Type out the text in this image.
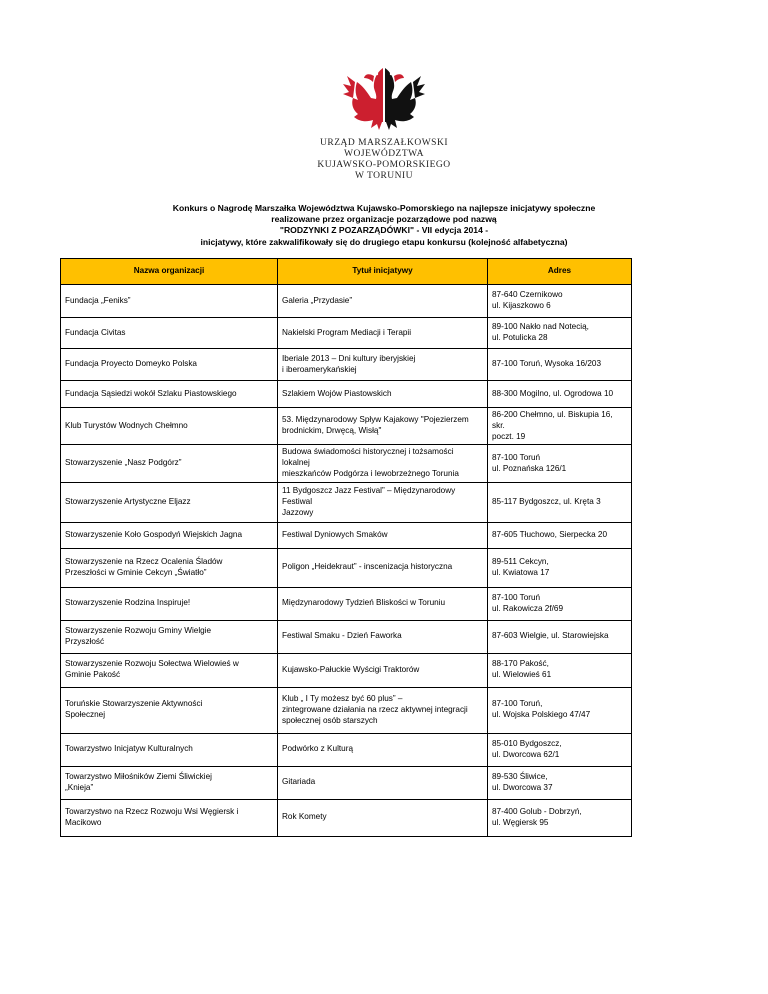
URZĄD MARSZAŁKOWSKI
WOJEWÓDZTWA
KUJAWSKO-POMORSKIEGO
W TORUNIU
Konkurs o Nagrodę Marszałka Województwa Kujawsko-Pomorskiego na najlepsze inicjatywy społeczne
realizowane przez organizacje pozarządowe pod nazwą
"RODZYNKI Z POZARZĄDÓWKI" - VII edycja 2014 -
inicjatywy, które zakwalifikowały się do drugiego etapu konkursu (kolejność alfabetyczna)
Nazwa organizacji	Tytuł inicjatywy	Adres

Fundacja „Feniks”	Galeria „Przydasie”	87-640 Czernikowo
ul. Kijaszkowo 6

Fundacja Civitas	Nakielski Program Mediacji i Terapii	89-100 Nakło nad Notecią,
ul. Potulicka 28

Fundacja Proyecto Domeyko Polska	Iberiale 2013 – Dni kultury iberyjskiej
i iberoamerykańskiej	87-100 Toruń, Wysoka 16/203

Fundacja Sąsiedzi wokół Szlaku Piastowskiego	Szlakiem Wojów Piastowskich	88-300 Mogilno, ul. Ogrodowa 10

Klub Turystów Wodnych Chełmno	53. Międzynarodowy Spływ Kajakowy "Pojezierzem
brodnickim, Drwęcą, Wisłą"	86-200 Chełmno, ul. Biskupia 16, skr.
poczt. 19

Stowarzyszenie „Nasz Podgórz”	Budowa świadomości historycznej i tożsamości lokalnej
mieszkańców Podgórza i lewobrzeżnego Torunia	87-100 Toruń
ul. Poznańska 126/1

Stowarzyszenie Artystyczne Eljazz	11 Bydgoszcz Jazz Festival” – Międzynarodowy Festiwal
Jazzowy	85-117 Bydgoszcz, ul. Kręta 3

Stowarzyszenie Koło Gospodyń Wiejskich Jagna	Festiwal Dyniowych Smaków	87-605 Tłuchowo, Sierpecka 20

Stowarzyszenie na Rzecz Ocalenia Śladów
Przeszłości w Gminie Cekcyn „Światło”	Poligon „Heidekraut” - inscenizacja historyczna	89-511 Cekcyn,
ul. Kwiatowa 17

Stowarzyszenie Rodzina Inspiruje!	Międzynarodowy Tydzień Bliskości w Toruniu	87-100 Toruń
ul. Rakowicza 2f/69

Stowarzyszenie Rozwoju Gminy Wielgie
Przyszłość	Festiwal Smaku - Dzień Faworka	87-603 Wielgie, ul. Starowiejska

Stowarzyszenie Rozwoju Sołectwa Wielowieś w
Gminie Pakość	Kujawsko-Pałuckie Wyścigi Traktorów	88-170 Pakość,
ul. Wielowieś 61

Toruńskie Stowarzyszenie Aktywności
Społecznej	Klub „ I Ty możesz być 60 plus” –
zintegrowane działania na rzecz aktywnej integracji
społecznej osób starszych	87-100 Toruń,
ul. Wojska Polskiego 47/47

Towarzystwo Inicjatyw Kulturalnych	Podwórko z Kulturą	85-010 Bydgoszcz,
ul. Dworcowa 62/1

Towarzystwo Miłośników Ziemi Śliwickiej
„Knieja”	Gitariada	89-530 Śliwice,
ul. Dworcowa 37

Towarzystwo na Rzecz Rozwoju Wsi Węgiersk i
Macikowo	Rok Komety	87-400 Golub - Dobrzyń,
ul. Węgiersk 95
